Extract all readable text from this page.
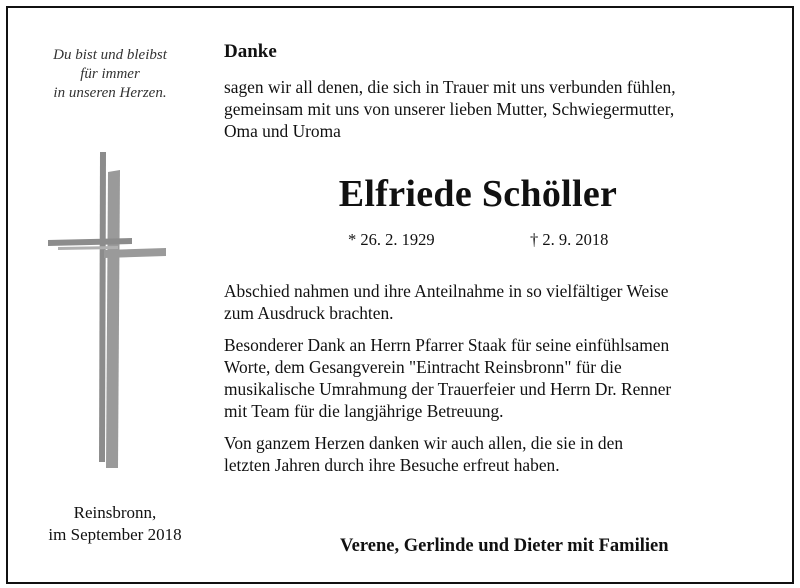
Du bist und bleibst
für immer
in unseren Herzen.
Reinsbronn,
im September 2018
Danke

sagen wir all denen, die sich in Trauer mit uns verbunden fühlen,
gemeinsam mit uns von unserer lieben Mutter, Schwiegermutter,
Oma und Uroma

Elfriede Schöller
* 26. 2. 1929	† 2. 9. 2018

Abschied nahmen und ihre Anteilnahme in so vielfältiger Weise
zum Ausdruck brachten.

Besonderer Dank an Herrn Pfarrer Staak für seine einfühlsamen
Worte, dem Gesangverein "Eintracht Reinsbronn" für die
musikalische Umrahmung der Trauerfeier und Herrn Dr. Renner
mit Team für die langjährige Betreuung.

Von ganzem Herzen danken wir auch allen, die sie in den
letzten Jahren durch ihre Besuche erfreut haben.

Verene, Gerlinde und Dieter mit Familien
